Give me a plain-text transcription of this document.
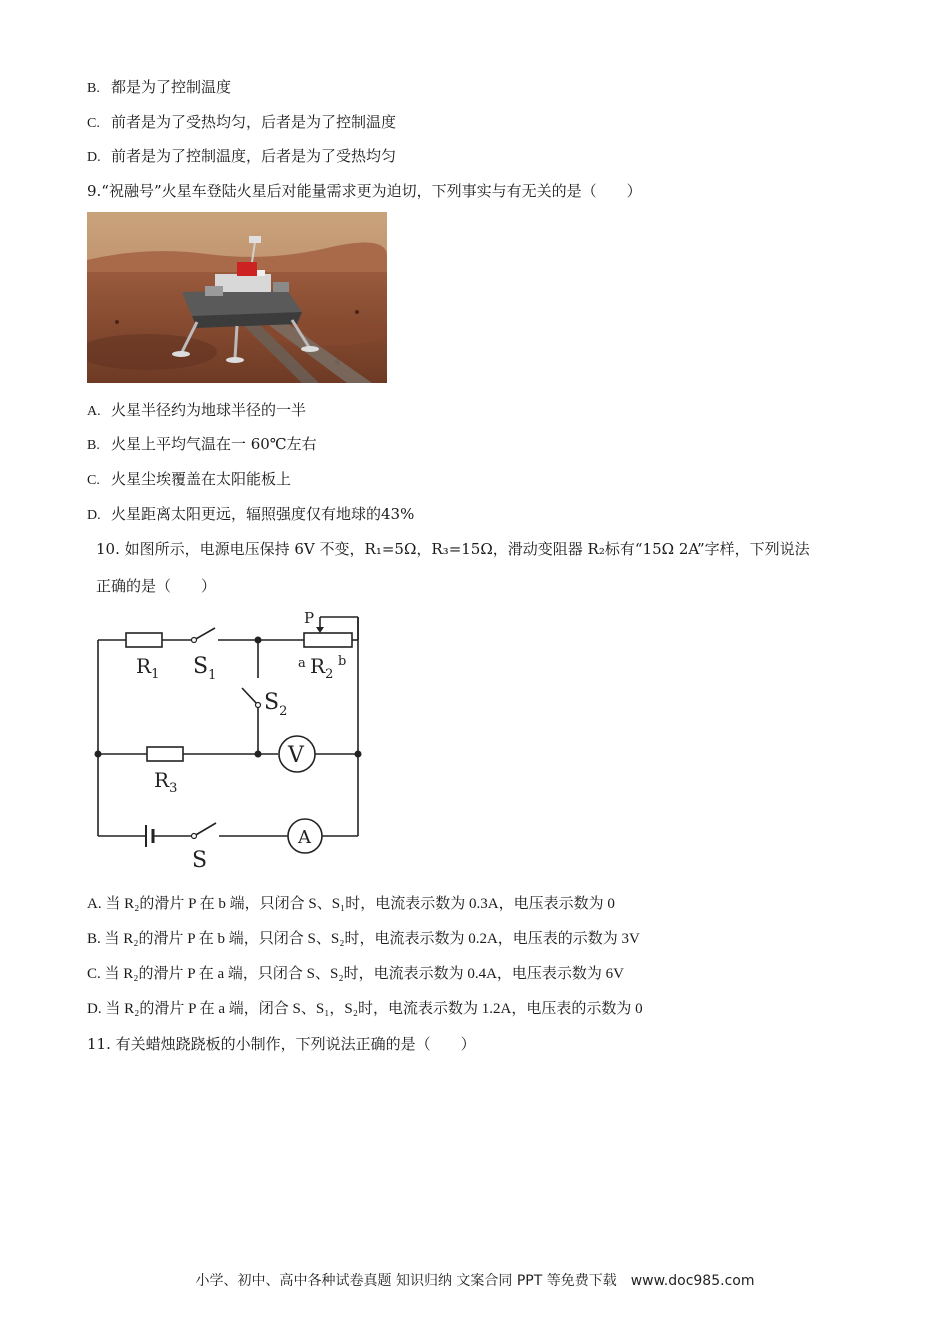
B. 都是为了控制温度
C. 前者是为了受热均匀，后者是为了控制温度
D. 前者是为了控制温度，后者是为了受热均匀
9.“祝融号”火星车登陆火星后对能量需求更为迫切，下列事实与有无关的是（　　）
A. 火星半径约为地球半径的一半
B. 火星上平均气温在一 60℃左右
C. 火星尘埃覆盖在太阳能板上
D. 火星距离太阳更远，辐照强度仅有地球的43%
10. 如图所示，电源电压保持 6V 不变，R₁=5Ω，R₃=15Ω，滑动变阻器 R₂标有“15Ω 2A”字样，下列说法
正确的是（　　）
$R_1$ $S_1$
P
a $R_2$
b
$S_2$
$R_3$
V
A
S
A. 当 R₂的滑片 P 在 b 端，只闭合 S、S₁时，电流表示数为 0.3A，电压表示数为 0
B. 当 R₂的滑片 P 在 b 端，只闭合 S、S₂时，电流表示数为 0.2A，电压表的示数为 3V
C. 当 R₂的滑片 P 在 a 端，只闭合 S、S₂时，电流表示数为 0.4A，电压表示数为 6V
D. 当 R₂的滑片 P 在 a 端，闭合 S、S₁，S₂时，电流表示数为 1.2A，电压表的示数为 0
11. 有关蜡烛跷跷板的小制作，下列说法正确的是（　　）
小学、初中、高中各种试卷真题 知识归纳 文案合同 PPT 等免费下载　www.doc985.com
